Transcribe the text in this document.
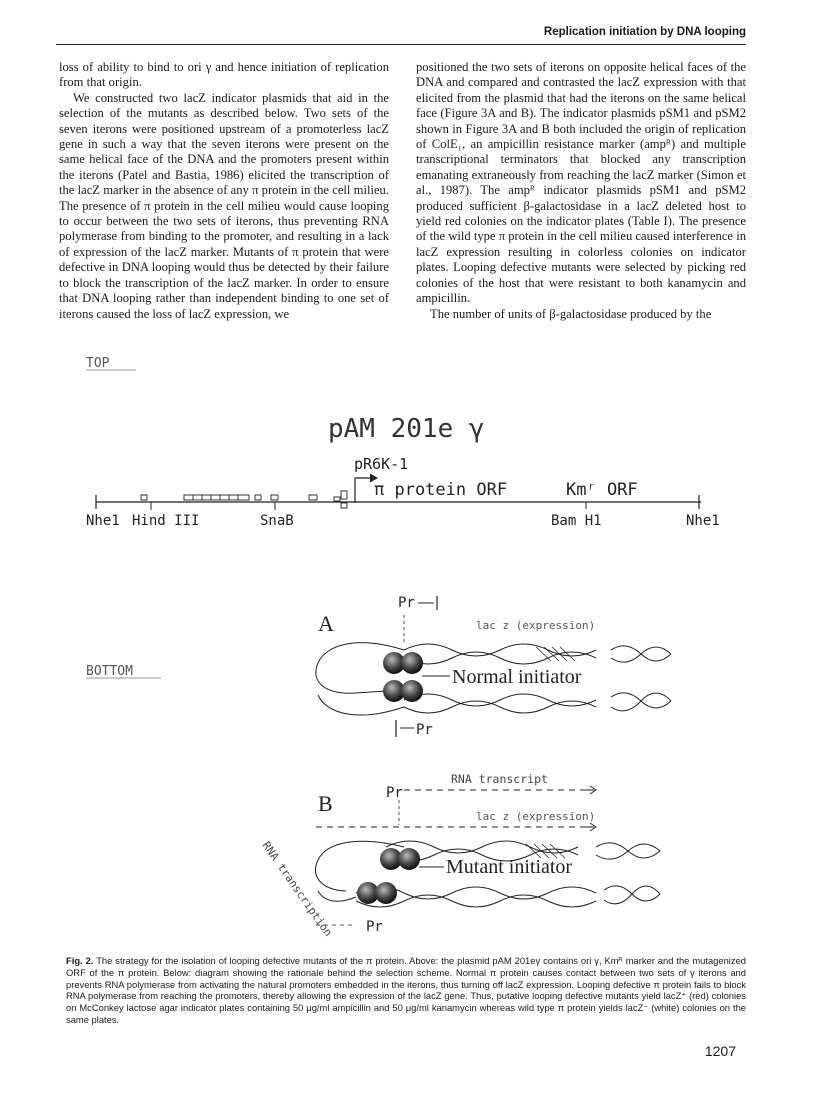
Replication initiation by DNA looping

loss of ability to bind to ori γ and hence initiation of replication from that origin.

We constructed two lacZ indicator plasmids that aid in the selection of the mutants as described below. Two sets of the seven iterons were positioned upstream of a promoterless lacZ gene in such a way that the seven iterons were present on the same helical face of the DNA and the promoters present within the iterons (Patel and Bastia, 1986) elicited the transcription of the lacZ marker in the absence of any π protein in the cell milieu. The presence of π protein in the cell milieu would cause looping to occur between the two sets of iterons, thus preventing RNA polymerase from binding to the promoter, and resulting in a lack of expression of the lacZ marker. Mutants of π protein that were defective in DNA looping would thus be detected by their failure to block the transcription of the lacZ marker. In order to ensure that DNA looping rather than independent binding to one set of iterons caused the loss of lacZ expression, we

positioned the two sets of iterons on opposite helical faces of the DNA and compared and contrasted the lacZ expression with that elicited from the plasmid that had the iterons on the same helical face (Figure 3A and B). The indicator plasmids pSM1 and pSM2 shown in Figure 3A and B both included the origin of replication of ColE₁, an ampicillin resistance marker (ampᴿ) and multiple transcriptional terminators that blocked any transcription emanating extraneously from reaching the lacZ marker (Simon et al., 1987). The ampᴿ indicator plasmids pSM1 and pSM2 produced sufficient β-galactosidase in a lacZ deleted host to yield red colonies on the indicator plates (Table I). The presence of the wild type π protein in the cell milieu caused interference in lacZ expression resulting in colorless colonies on indicator plates. Looping defective mutants were selected by picking red colonies of the host that were resistant to both kanamycin and ampicillin.

The number of units of β-galactosidase produced by the

TOP
pAM 201e γ
pR6K-1
π protein ORF	Kmʳ ORF
Nhe1 Hind III	SnaB	Bam H1	Nhe1
BOTTOM
A
Pr
lac z (expression)
Normal initiator
Pr
B	Pr
RNA transcript
lac z (expression)
Mutant initiator
RNA transcription Pr
Fig. 2. The strategy for the isolation of looping defective mutants of the π protein. Above: the plasmid pAM 201eγ contains ori γ, Kmᴿ marker and the mutagenized ORF of the π protein. Below: diagram showing the rationale behind the selection scheme. Normal π protein causes contact between two sets of γ iterons and prevents RNA polymerase from activating the natural promoters embedded in the iterons, thus turning off lacZ expression. Looping defective π protein fails to block RNA polymerase from reaching the promoters, thereby allowing the expression of the lacZ gene. Thus, putative looping defective mutants yield lacZ⁺ (red) colonies on McConkey lactose agar indicator plates containing 50 μg/ml ampicillin and 50 μg/ml kanamycin whereas wild type π protein yields lacZ⁻ (white) colonies on the same plates.
1207
